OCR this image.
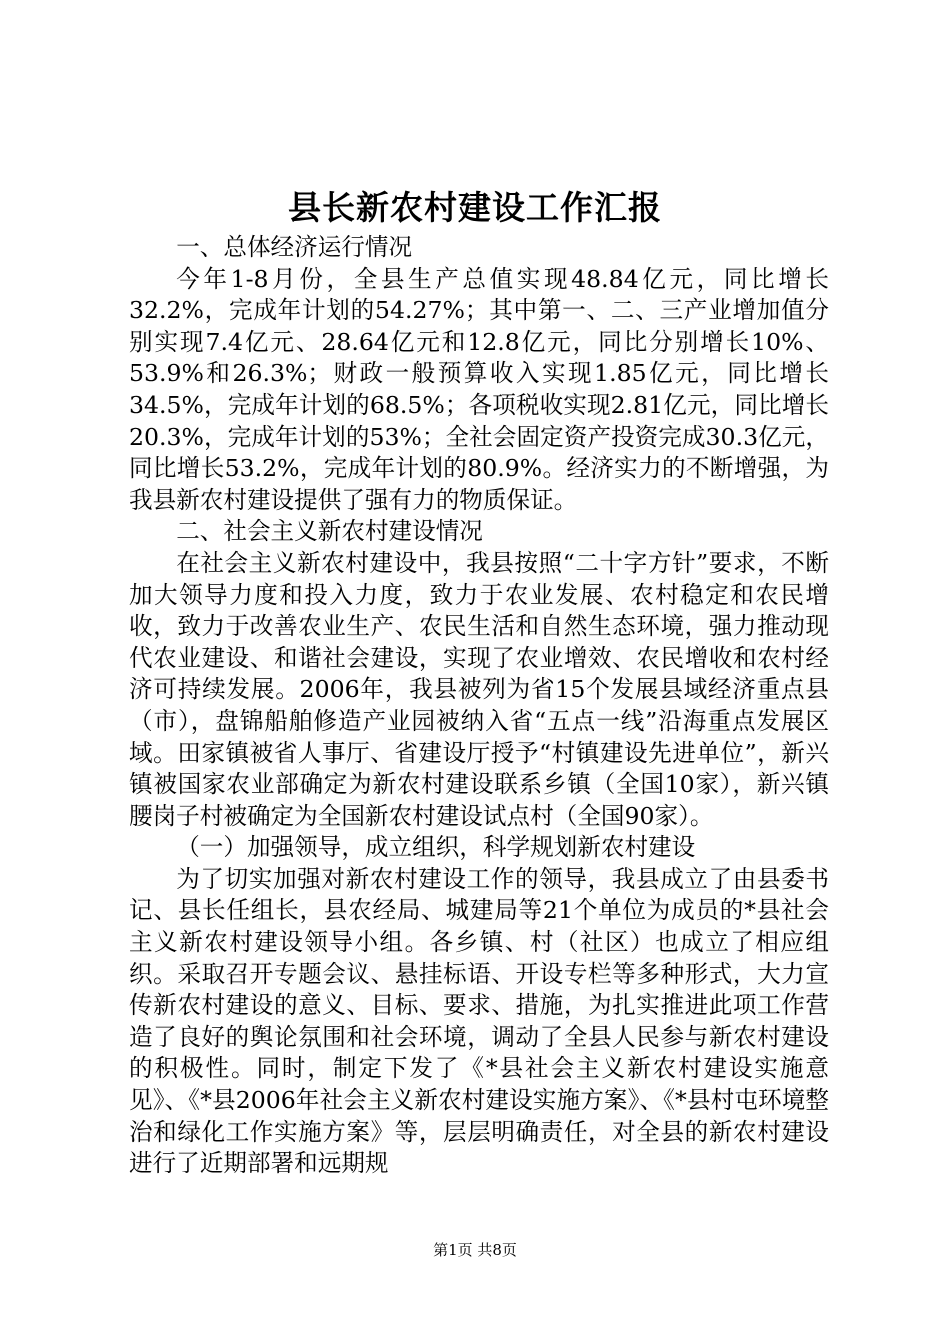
县长新农村建设工作汇报

一、总体经济运行情况

今年1-8月份，全县生产总值实现48.84亿元，同比增长32.2%，完成年计划的54.27%；其中第一、二、三产业增加值分别实现7.4亿元、28.64亿元和12.8亿元，同比分别增长10%、53.9%和26.3%；财政一般预算收入实现1.85亿元，同比增长34.5%，完成年计划的68.5%；各项税收实现2.81亿元，同比增长20.3%，完成年计划的53%；全社会固定资产投资完成30.3亿元，同比增长53.2%，完成年计划的80.9%。经济实力的不断增强，为我县新农村建设提供了强有力的物质保证。

二、社会主义新农村建设情况

在社会主义新农村建设中，我县按照“二十字方针”要求，不断加大领导力度和投入力度，致力于农业发展、农村稳定和农民增收，致力于改善农业生产、农民生活和自然生态环境，强力推动现代农业建设、和谐社会建设，实现了农业增效、农民增收和农村经济可持续发展。2006年，我县被列为省15个发展县域经济重点县（市），盘锦船舶修造产业园被纳入省“五点一线”沿海重点发展区域。田家镇被省人事厅、省建设厅授予“村镇建设先进单位”，新兴镇被国家农业部确定为新农村建设联系乡镇（全国10家），新兴镇腰岗子村被确定为全国新农村建设试点村（全国90家）。

（一）加强领导，成立组织，科学规划新农村建设

为了切实加强对新农村建设工作的领导，我县成立了由县委书记、县长任组长，县农经局、城建局等21个单位为成员的*县社会主义新农村建设领导小组。各乡镇、村（社区）也成立了相应组织。采取召开专题会议、悬挂标语、开设专栏等多种形式，大力宣传新农村建设的意义、目标、要求、措施，为扎实推进此项工作营造了良好的舆论氛围和社会环境，调动了全县人民参与新农村建设的积极性。同时，制定下发了《*县社会主义新农村建设实施意见》、《*县2006年社会主义新农村建设实施方案》、《*县村屯环境整治和绿化工作实施方案》等，层层明确责任，对全县的新农村建设进行了近期部署和远期规

第1页 共8页
